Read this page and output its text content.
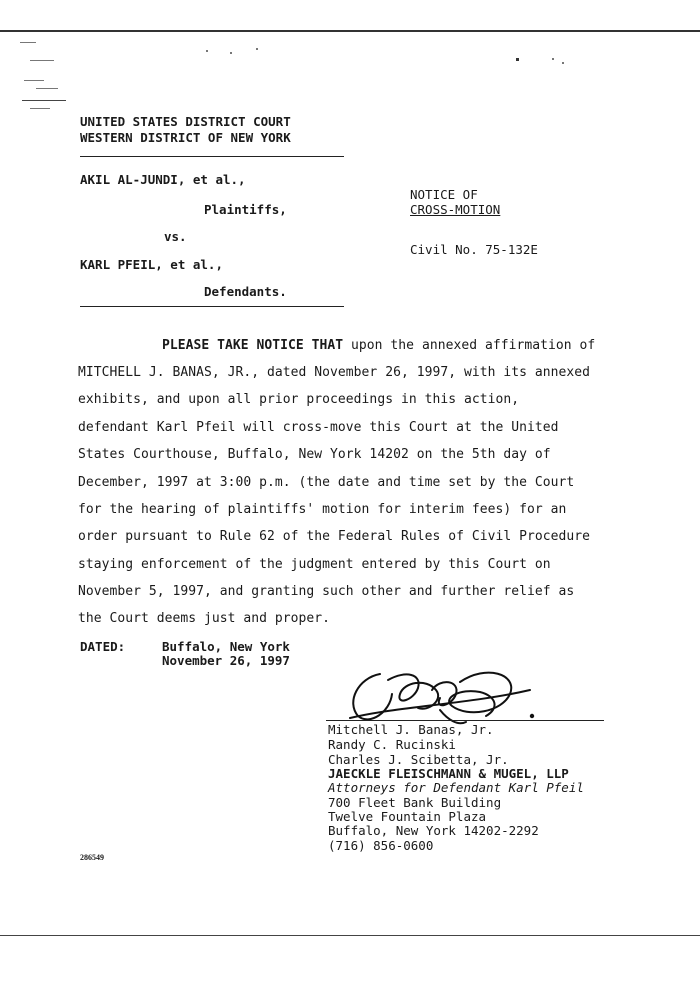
UNITED STATES DISTRICT COURT
WESTERN DISTRICT OF NEW YORK
AKIL AL-JUNDI, et al.,
Plaintiffs,
vs.
KARL PFEIL, et al.,
Defendants.
NOTICE OF
CROSS-MOTION
Civil No. 75-132E
PLEASE TAKE NOTICE THAT upon the annexed affirmation of
MITCHELL J. BANAS, JR., dated November 26, 1997, with its annexed
exhibits, and upon all prior proceedings in this action,
defendant Karl Pfeil will cross-move this Court at the United
States Courthouse, Buffalo, New York 14202 on the 5th day of
December, 1997 at 3:00 p.m. (the date and time set by the Court
for the hearing of plaintiffs' motion for interim fees) for an
order pursuant to Rule 62 of the Federal Rules of Civil Procedure
staying enforcement of the judgment entered by this Court on
November 5, 1997, and granting such other and further relief as
the Court deems just and proper.
DATED:	Buffalo, New York
November 26, 1997
Mitchell J. Banas, Jr.
Randy C. Rucinski
Charles J. Scibetta, Jr.
JAECKLE FLEISCHMANN & MUGEL, LLP
Attorneys for Defendant Karl Pfeil
700 Fleet Bank Building
Twelve Fountain Plaza
Buffalo, New York 14202-2292
(716) 856-0600
286549
